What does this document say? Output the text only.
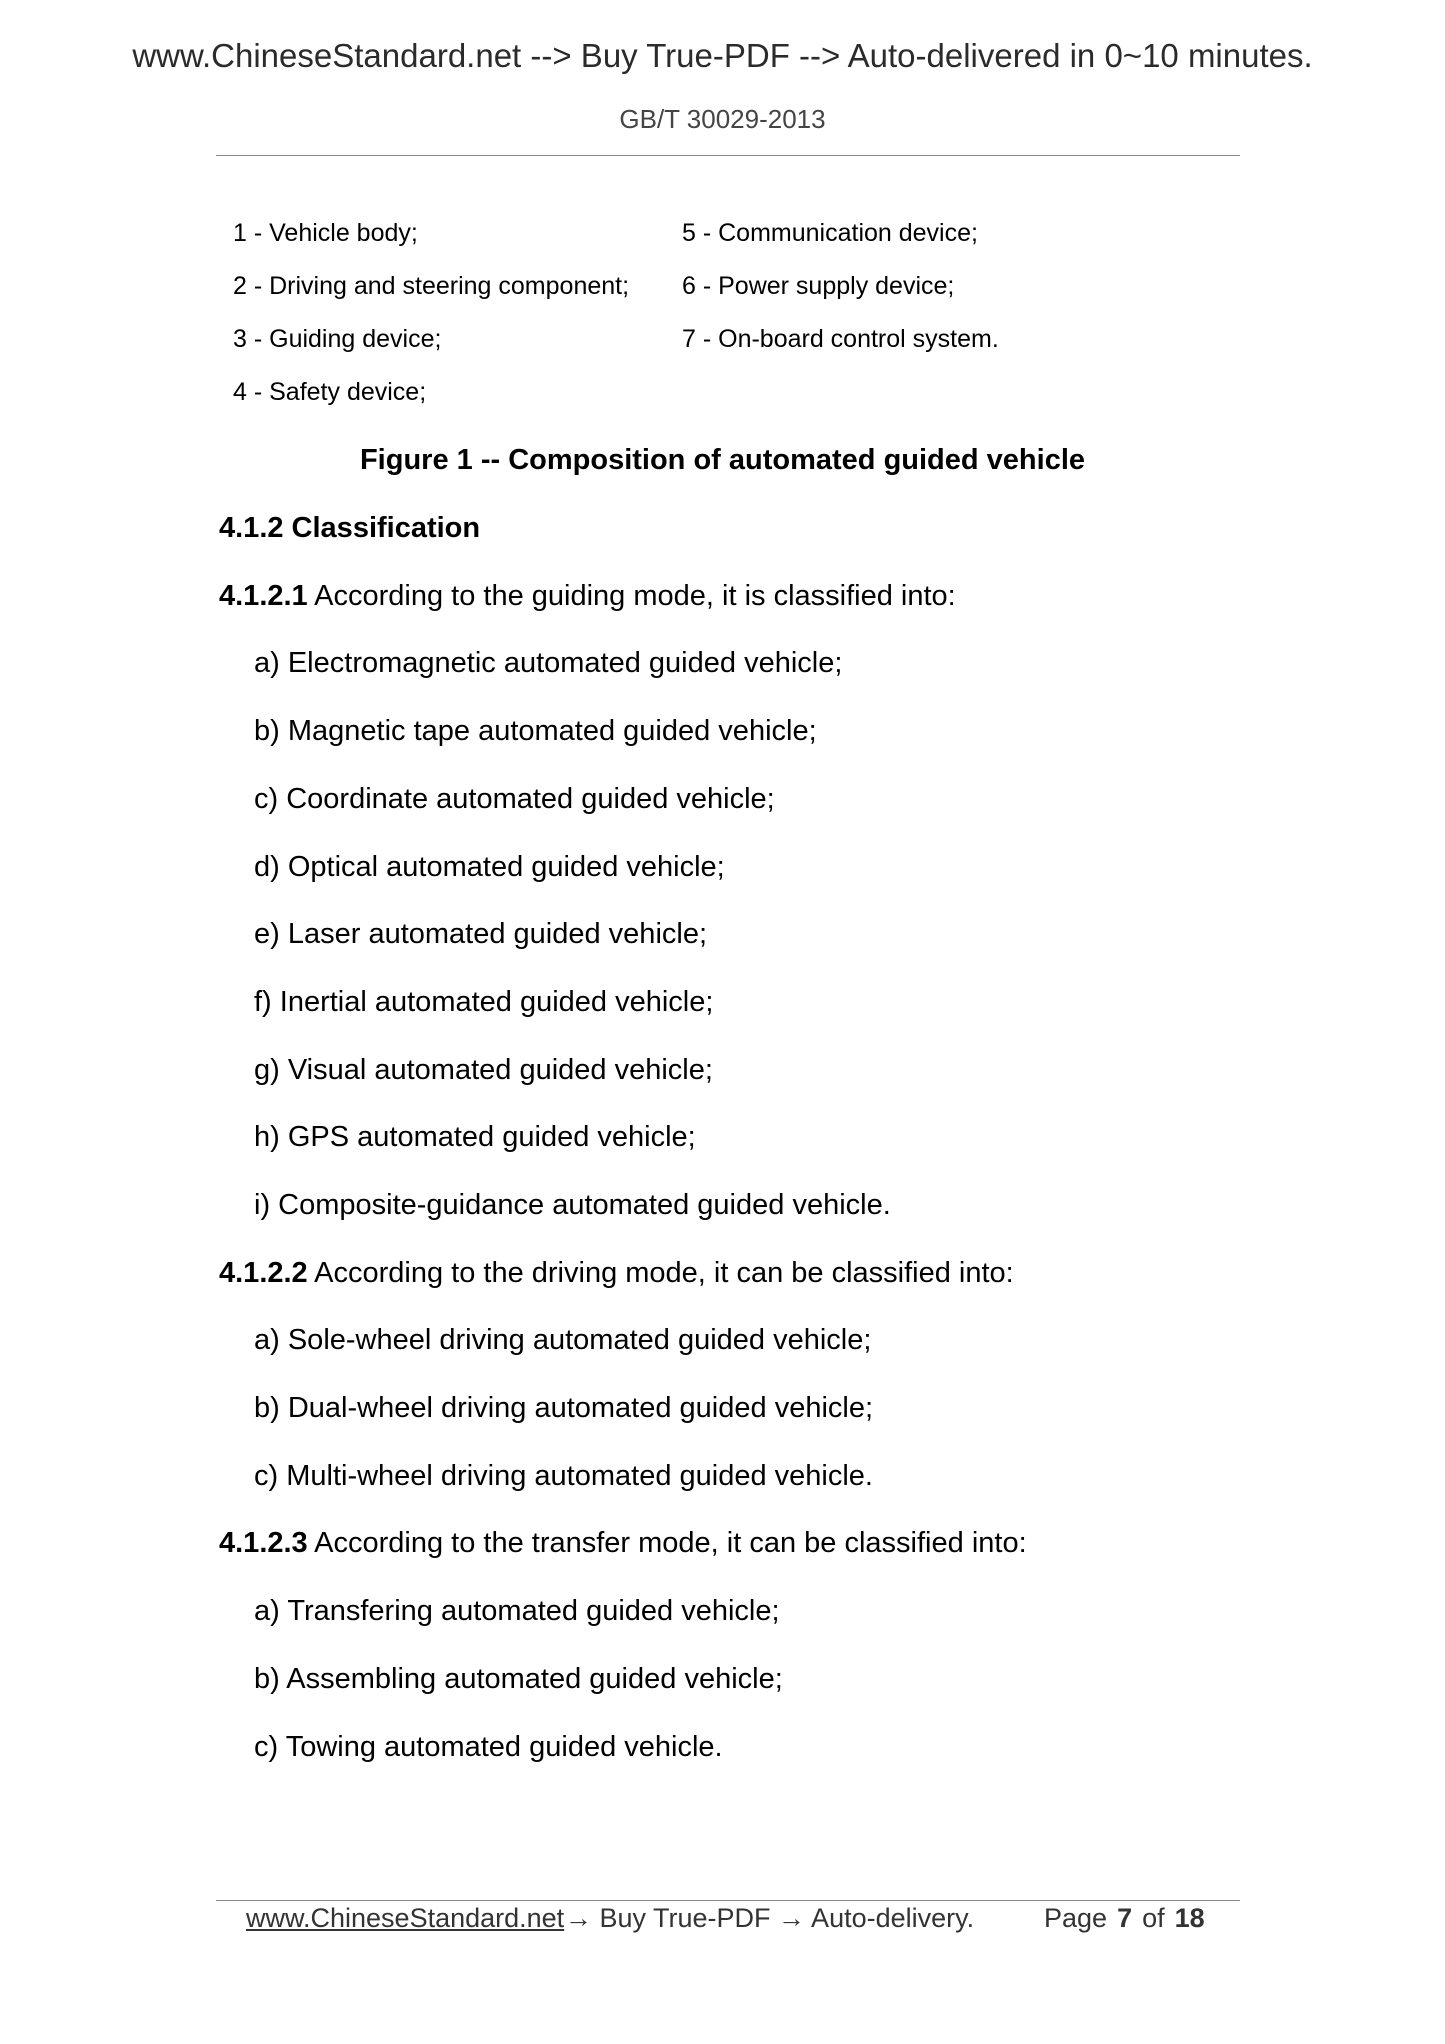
www.ChineseStandard.net --> Buy True-PDF --> Auto-delivered in 0~10 minutes.
GB/T 30029-2013
1 - Vehicle body;
2 - Driving and steering component;
3 - Guiding device;
4 - Safety device;
5 - Communication device;
6 - Power supply device;
7 - On-board control system.
Figure 1 -- Composition of automated guided vehicle
4.1.2 Classification
4.1.2.1 According to the guiding mode, it is classified into:
a) Electromagnetic automated guided vehicle;
b) Magnetic tape automated guided vehicle;
c) Coordinate automated guided vehicle;
d) Optical automated guided vehicle;
e) Laser automated guided vehicle;
f) Inertial automated guided vehicle;
g) Visual automated guided vehicle;
h) GPS automated guided vehicle;
i) Composite-guidance automated guided vehicle.
4.1.2.2 According to the driving mode, it can be classified into:
a) Sole-wheel driving automated guided vehicle;
b) Dual-wheel driving automated guided vehicle;
c) Multi-wheel driving automated guided vehicle.
4.1.2.3 According to the transfer mode, it can be classified into:
a) Transfering automated guided vehicle;
b) Assembling automated guided vehicle;
c) Towing automated guided vehicle.
www.ChineseStandard.net → Buy True-PDF → Auto-delivery.	Page 7 of 18
